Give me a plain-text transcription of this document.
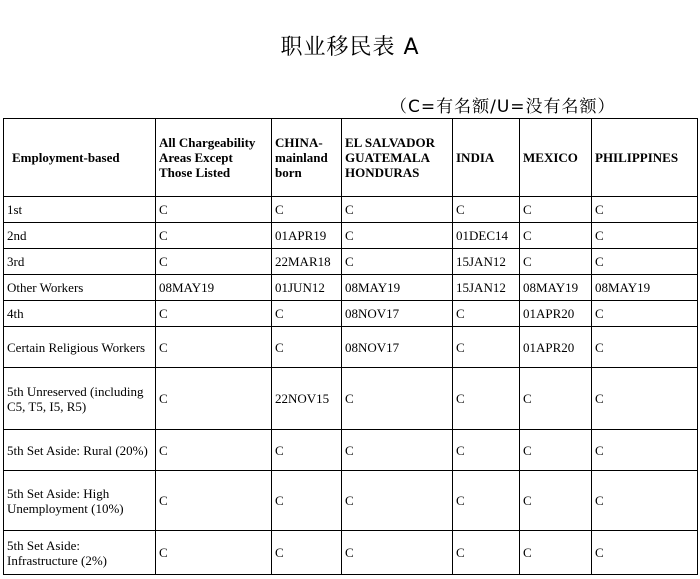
职业移民表 A
（C=有名额/U=没有名额）
Employment-based	All Chargeability Areas Except Those Listed	CHINA-mainland born	EL SALVADOR GUATEMALA HONDURAS	INDIA	MEXICO	PHILIPPINES
1st	C	C	C	C	C	C
2nd	C	01APR19	C	01DEC14	C	C
3rd	C	22MAR18	C	15JAN12	C	C
Other Workers	08MAY19	01JUN12	08MAY19	15JAN12	08MAY19	08MAY19
4th	C	C	08NOV17	C	01APR20	C
Certain Religious Workers	C	C	08NOV17	C	01APR20	C
5th Unreserved (including C5, T5, I5, R5)	C	22NOV15	C	C	C	C
5th Set Aside: Rural (20%)	C	C	C	C	C	C
5th Set Aside: High Unemployment (10%)	C	C	C	C	C	C
5th Set Aside: Infrastructure (2%)	C	C	C	C	C	C
